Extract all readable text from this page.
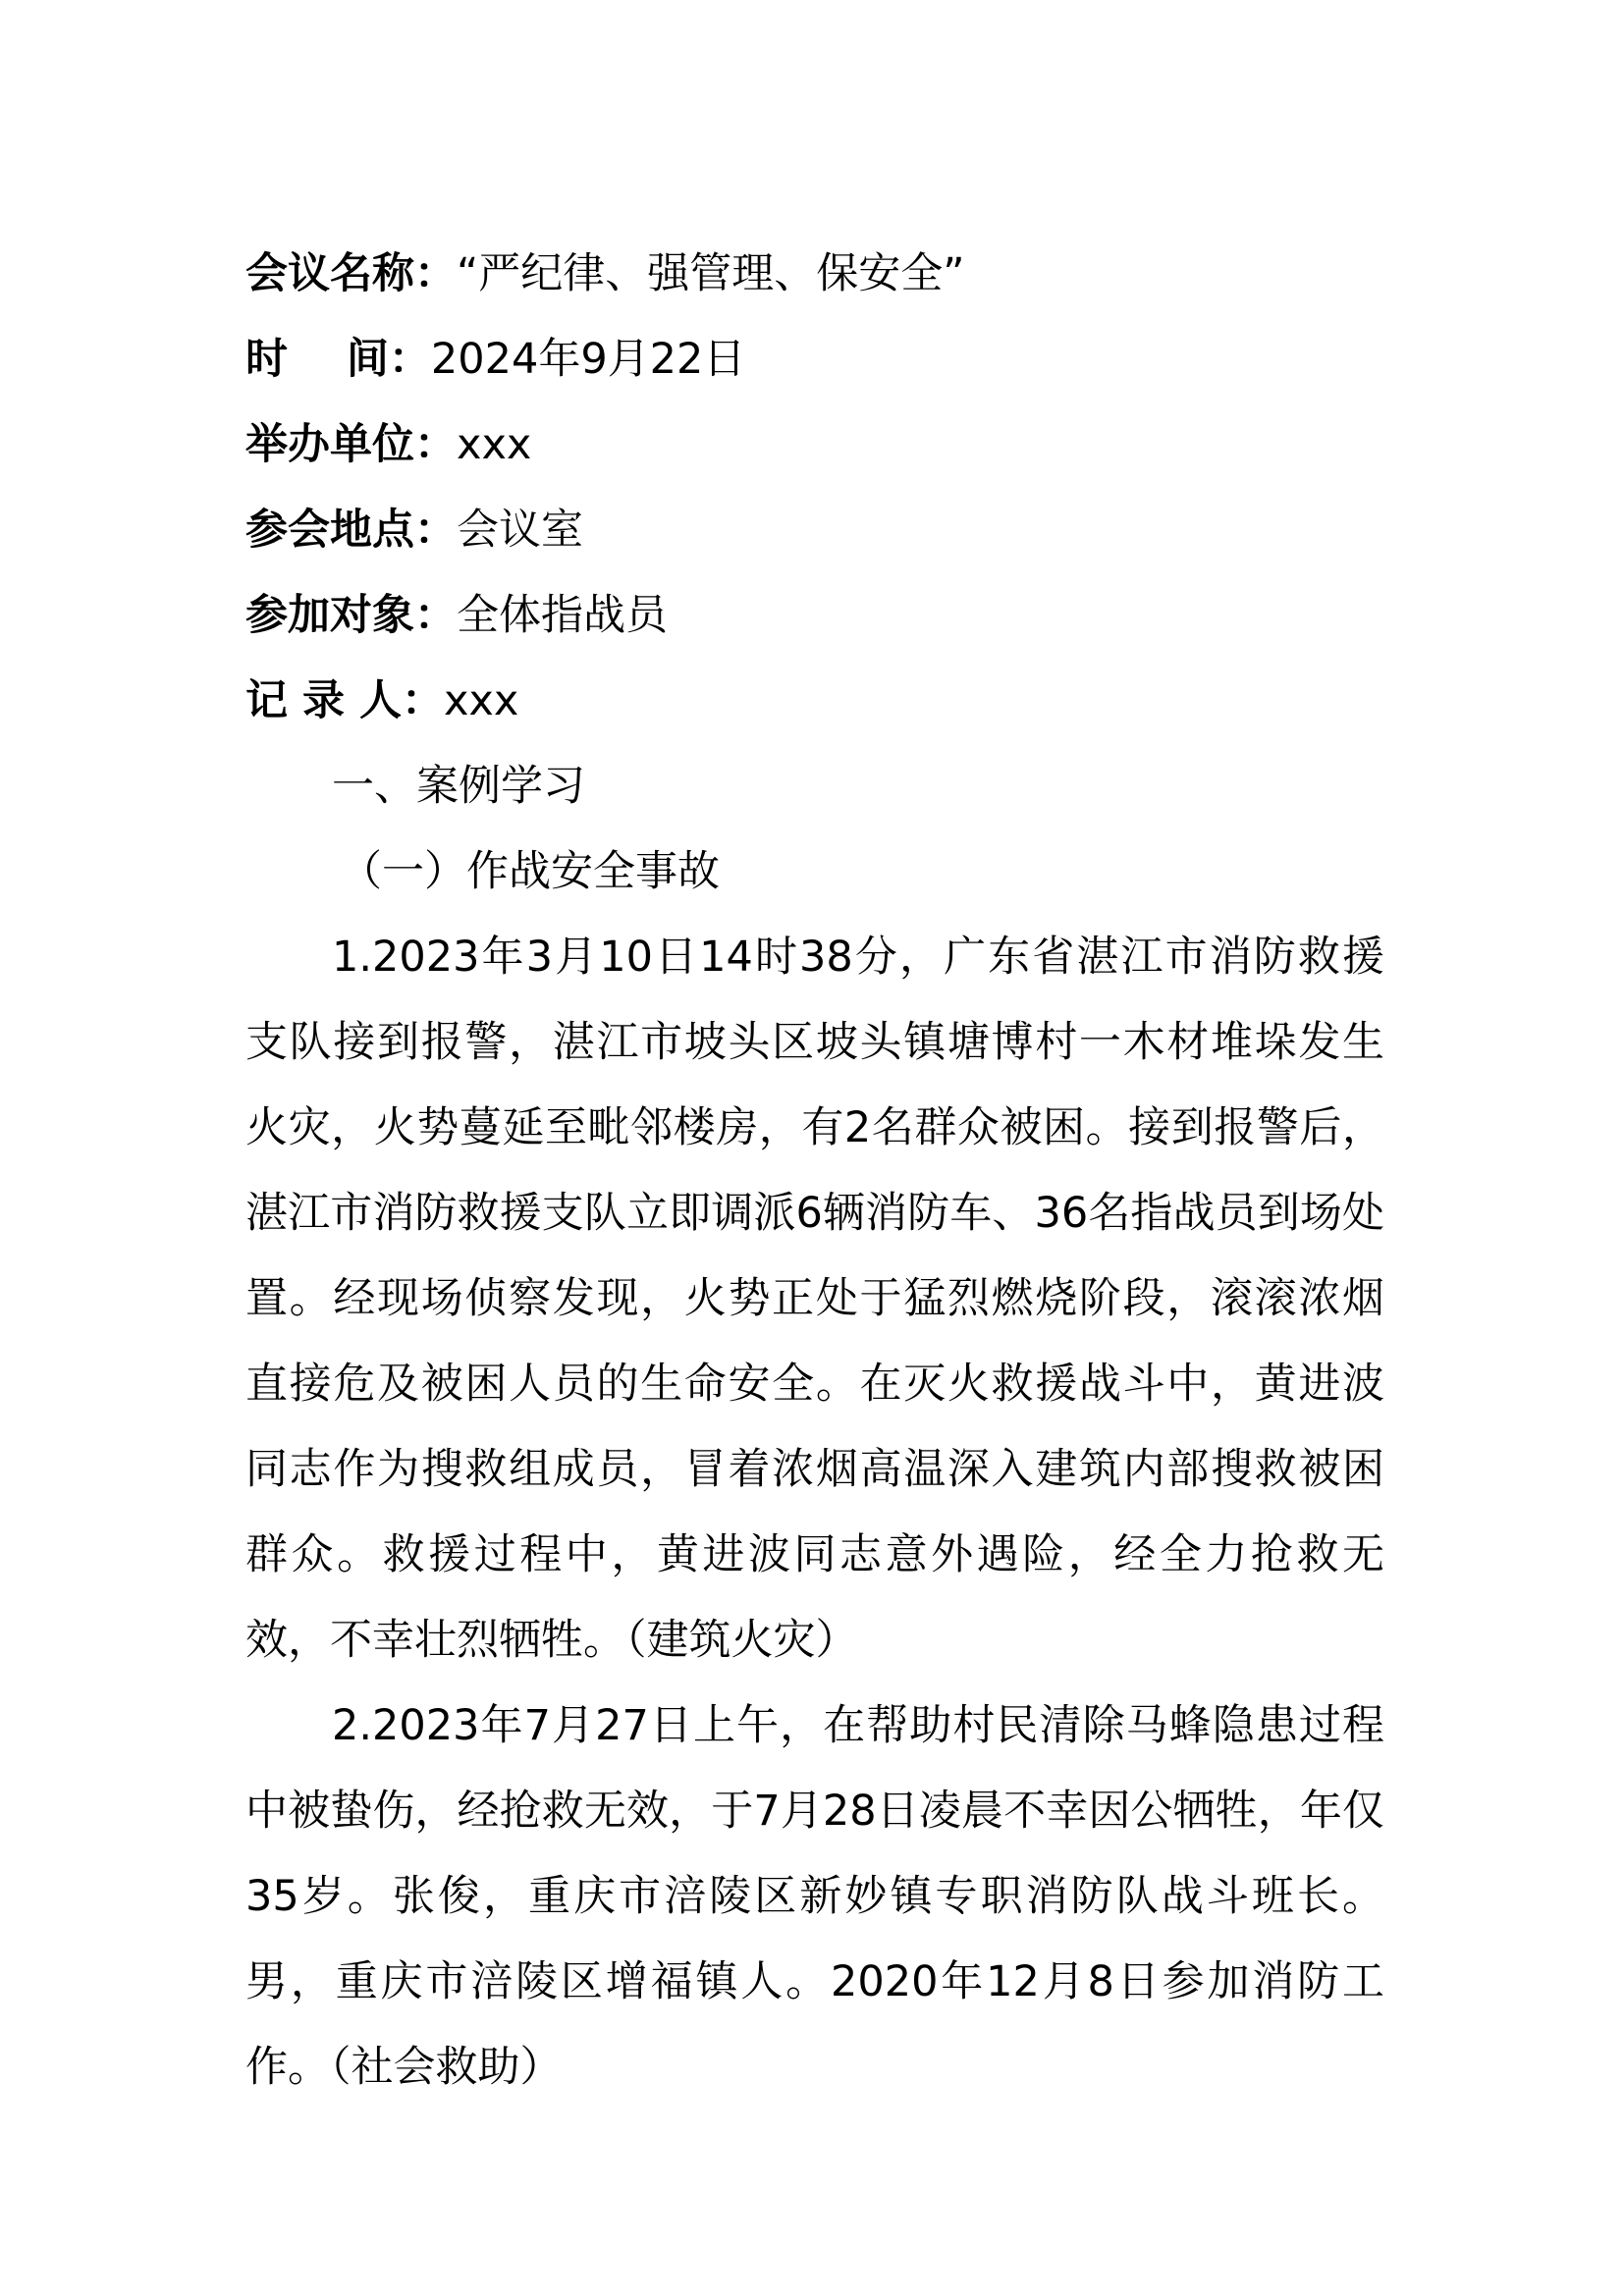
会议名称：“严纪律、强管理、保安全”
时    间：2024年9月22日
举办单位：xxx
参会地点：会议室
参加对象：全体指战员
记 录 人：xxx
一、案例学习
（一）作战安全事故

1.2023年3月10日14时38分，广东省湛江市消防救援支队接到报警，湛江市坡头区坡头镇塘博村一木材堆垛发生火灾，火势蔓延至毗邻楼房，有2名群众被困。接到报警后，湛江市消防救援支队立即调派6辆消防车、36名指战员到场处置。经现场侦察发现，火势正处于猛烈燃烧阶段，滚滚浓烟直接危及被困人员的生命安全。在灭火救援战斗中，黄进波同志作为搜救组成员，冒着浓烟高温深入建筑内部搜救被困群众。救援过程中，黄进波同志意外遇险，经全力抢救无效，不幸壮烈牺牲。（建筑火灾）

2.2023年7月27日上午，在帮助村民清除马蜂隐患过程中被蛰伤，经抢救无效，于7月28日凌晨不幸因公牺牲，年仅35岁。张俊，重庆市涪陵区新妙镇专职消防队战斗班长。男，重庆市涪陵区增福镇人。2020年12月8日参加消防工作。（社会救助）
